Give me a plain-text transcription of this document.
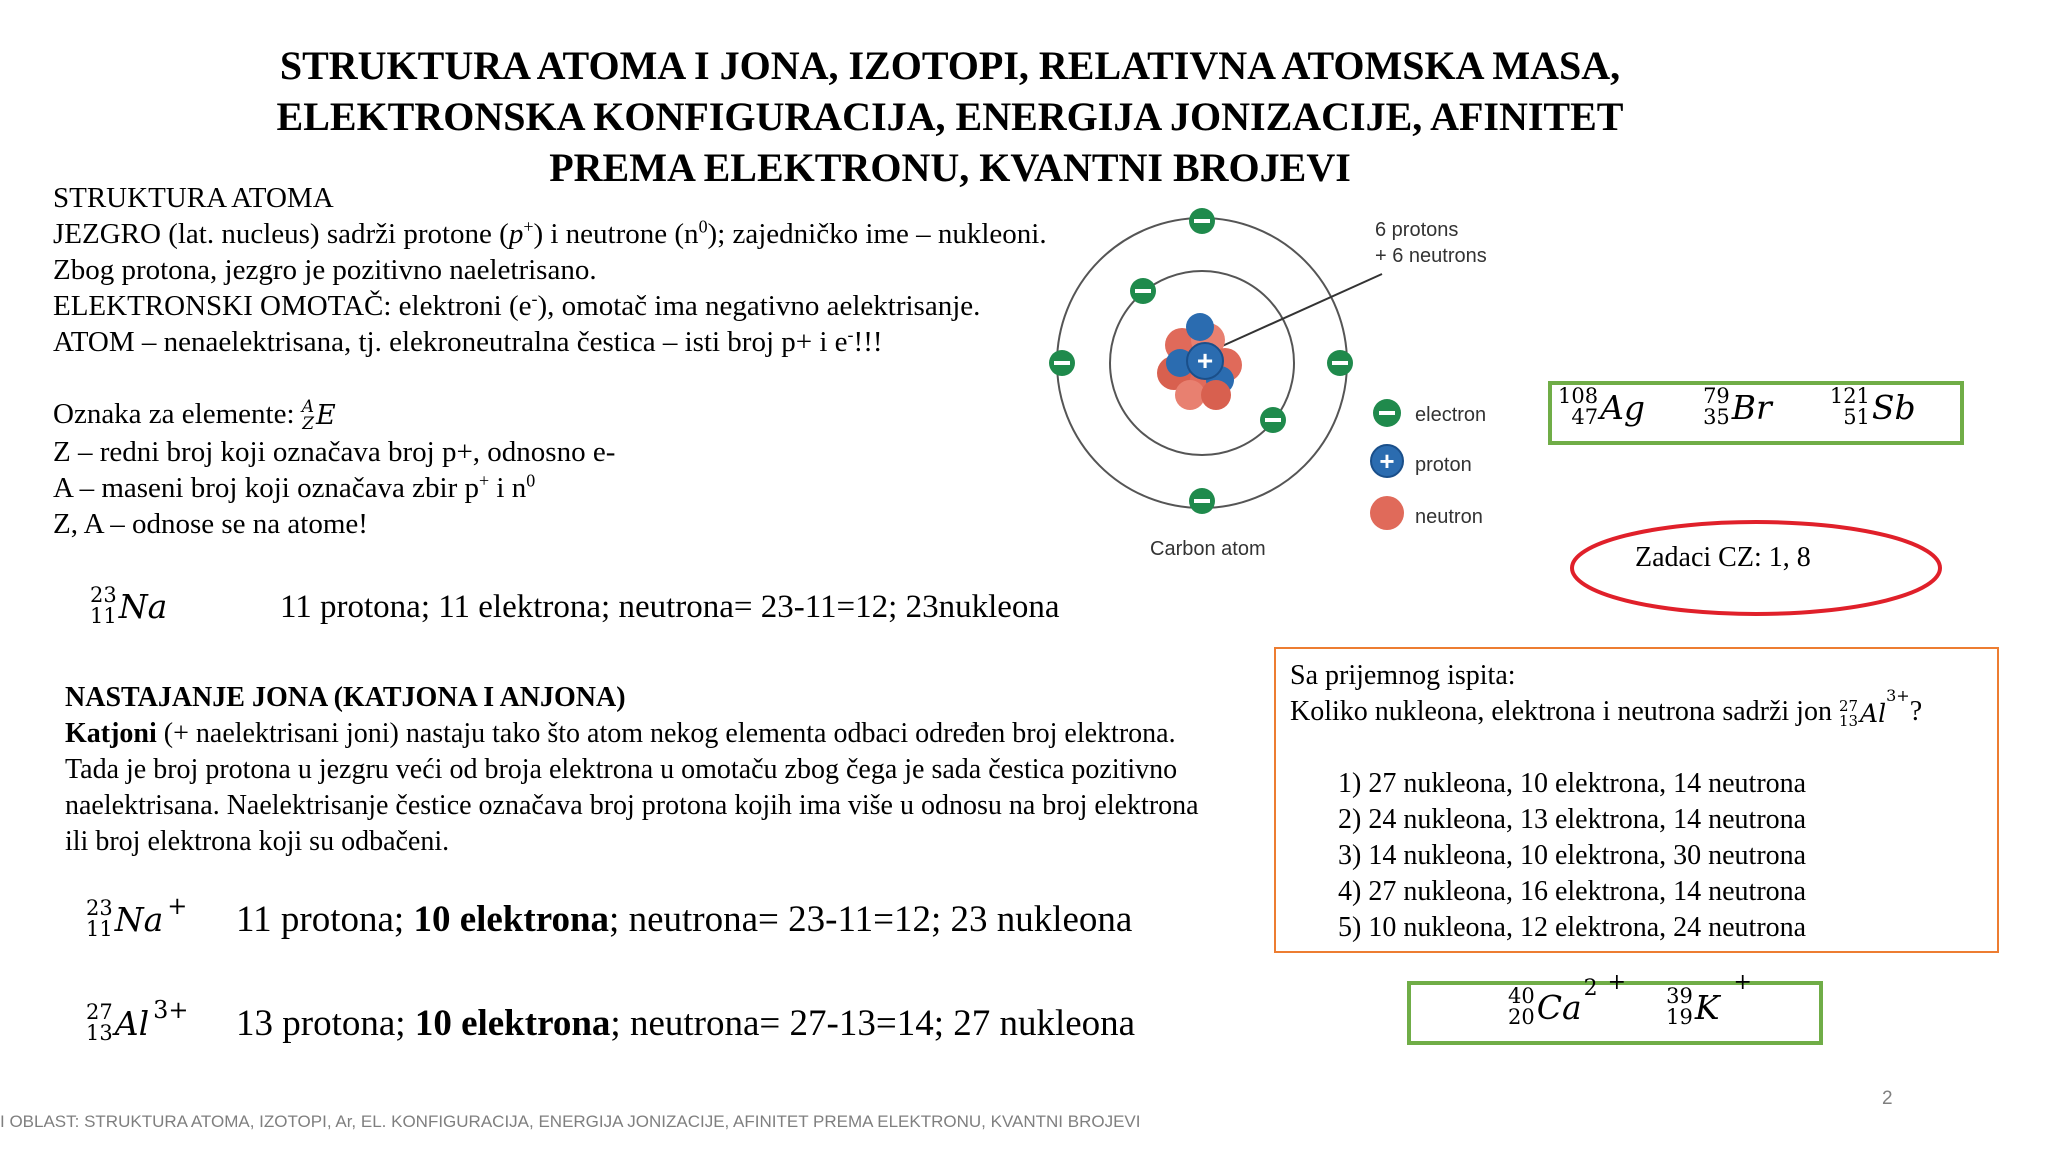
STRUKTURA ATOMA I JONA, IZOTOPI, RELATIVNA ATOMSKA MASA,
ELEKTRONSKA KONFIGURACIJA, ENERGIJA JONIZACIJE, AFINITET
PREMA ELEKTRONU, KVANTNI BROJEVI
STRUKTURA ATOMA
JEZGRO (lat. nucleus) sadrži protone (p+) i neutrone $(n^0)$; zajedničko ime – nukleoni.
Zbog protona, jezgro je pozitivno naeletrisano.
ELEKTRONSKI OMOTAČ: elektroni (e-), omotač ima negativno aelektrisanje.
ATOM – nenaelektrisana, tj. elekroneutralna čestica – isti broj p+ i e-!!!
Oznaka za elemente: A
Z E
Z – redni broj koji označava broj p+, odnosno e-
A – maseni broj koji označava zbir p+ i $n^0$
Z, A – odnose se na atome!
23
11 Na	11 protona; 11 elektrona; neutrona= 23-11=12; 23nukleona
NASTAJANJE JONA (KATJONA I ANJONA)
Katjoni (+ naelektrisani joni) nastaju tako što atom nekog elementa odbaci određen broj elektrona. Tada je broj protona u jezgru veći od broja elektrona u omotaču zbog čega je sada čestica pozitivno naelektrisana. Naelektrisanje čestice označava broj protona kojih ima više u odnosu na broj elektrona ili broj elektrona koji su odbačeni.
23
11 Na + 11 protona; 10 elektrona; neutrona= 23-11=12; 23 nukleona
27
13 Al 3+ 13 protona; 10 elektrona; neutrona= 27-13=14; 27 nukleona
+
6 protons
+ 6 neutrons
electron
+ proton
neutron
Carbon atom
108
47 Ag	79
35 Br	121
51 Sb
Zadaci CZ: 1, 8
Sa prijemnog ispita:
Koliko nukleona, elektrona i neutrona sadrži jon 27
13 Al
3+
?
1) 27 nukleona, 10 elektrona, 14 neutrona
2) 24 nukleona, 13 elektrona, 14 neutrona
3) 14 nukleona, 10 elektrona, 30 neutrona
4) 27 nukleona, 16 elektrona, 14 neutrona
5) 10 nukleona, 12 elektrona, 24 neutrona
40
20 Ca 2 +
39
19 K
+
2
I OBLAST: STRUKTURA ATOMA, IZOTOPI, Ar, EL. KONFIGURACIJA, ENERGIJA JONIZACIJE, AFINITET PREMA ELEKTRONU, KVANTNI BROJEVI
